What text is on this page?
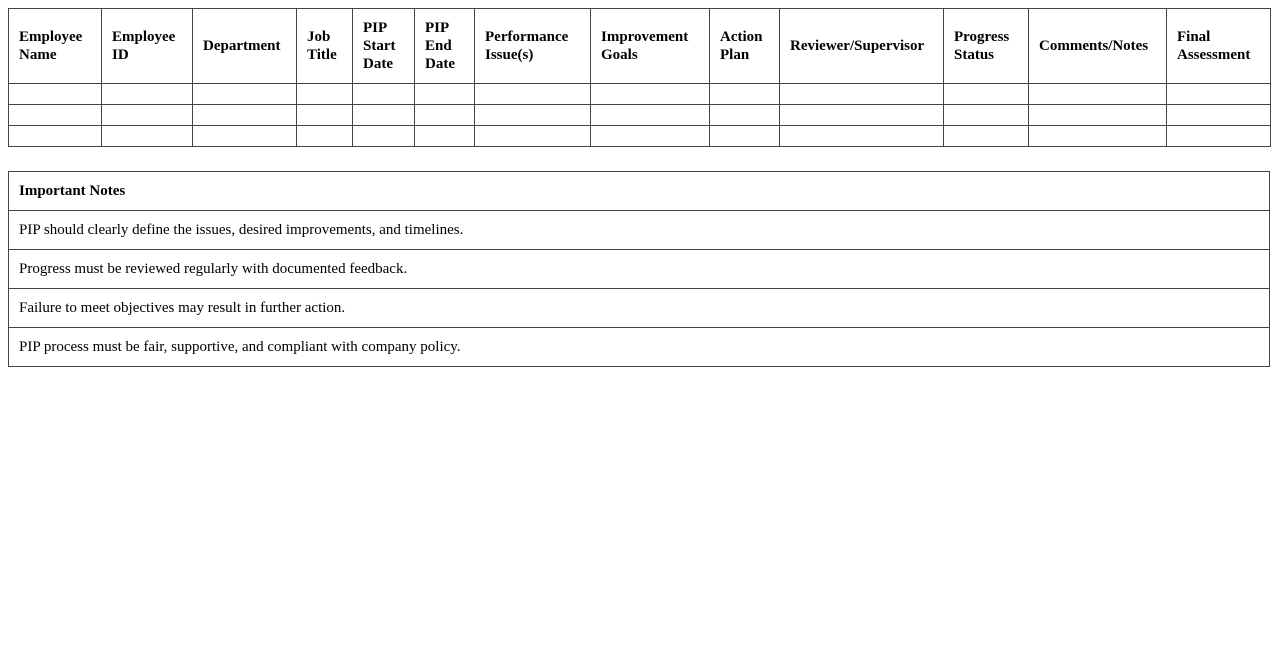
Employee Name	Employee ID	Department	Job Title	PIP Start Date	PIP End Date	Performance Issue(s)	Improvement Goals	Action Plan	Reviewer/Supervisor	Progress Status	Comments/Notes	Final Assessment

Important Notes
PIP should clearly define the issues, desired improvements, and timelines.
Progress must be reviewed regularly with documented feedback.
Failure to meet objectives may result in further action.
PIP process must be fair, supportive, and compliant with company policy.
